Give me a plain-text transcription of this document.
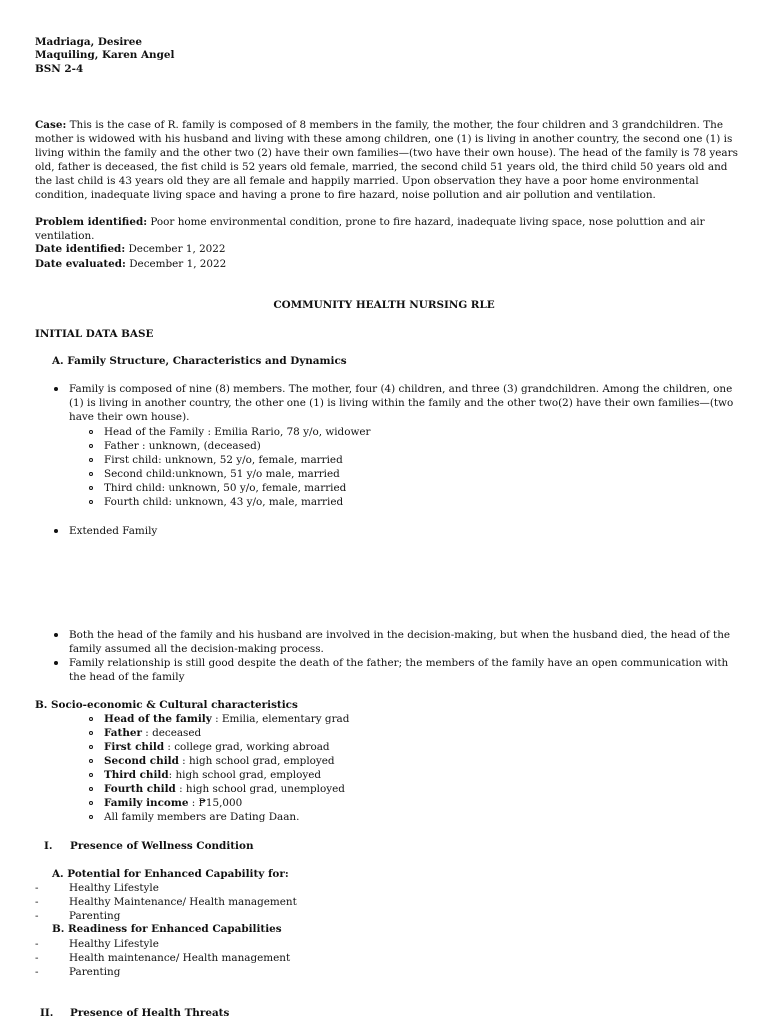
Madriaga, Desiree
Maquiling, Karen Angel
BSN 2-4
Case: This is the case of R. family is composed of 8 members in the family, the mother, the four children and 3 grandchildren. The mother is widowed with his husband and living with these among children, one (1) is living in another country, the second one (1) is living within the family and the other two (2) have their own families—(two have their own house). The head of the family is 78 years old, father is deceased, the fist child is 52 years old female, married, the second child 51 years old, the third child 50 years old and the last child is 43 years old they are all female and happily married. Upon observation they have a poor home environmental condition, inadequate living space and having a prone to fire hazard, noise pollution and air pollution and ventilation.
Problem identified: Poor home environmental condition, prone to fire hazard, inadequate living space, nose poluttion and air ventilation.
Date identified: December 1, 2022
Date evaluated: December 1, 2022
COMMUNITY HEALTH NURSING RLE
INITIAL DATA BASE
A. Family Structure, Characteristics and Dynamics
Family is composed of nine (8) members. The mother, four (4) children, and three (3) grandchildren. Among the children, one (1) is living in another country, the other one (1) is living within the family and the other two(2) have their own families—(two have their own house).
Head of the Family : Emilia Rario, 78 y/o, widower
Father : unknown, (deceased)
First child: unknown, 52 y/o, female, married
Second child:unknown, 51 y/o male, married
Third child: unknown, 50 y/o, female, married
Fourth child: unknown, 43 y/o, male, married
Extended Family
Both the head of the family and his husband are involved in the decision-making, but when the husband died, the head of the family assumed all the decision-making process.
Family relationship is still good despite the death of the father; the members of the family have an open communication with the head of the family
B. Socio-economic & Cultural characteristics
Head of the family : Emilia, elementary grad
Father : deceased
First child : college grad, working abroad
Second child : high school grad, employed
Third child: high school grad, employed
Fourth child : high school grad, unemployed
Family income : ₱15,000
All family members are Dating Daan.
I. Presence of Wellness Condition
A. Potential for Enhanced Capability for:
-	Healthy Lifestyle
-	Healthy Maintenance/ Health management
-	Parenting
B. Readiness for Enhanced Capabilities
-	Healthy Lifestyle
-	Health maintenance/ Health management
-	Parenting
II. Presence of Health Threats
